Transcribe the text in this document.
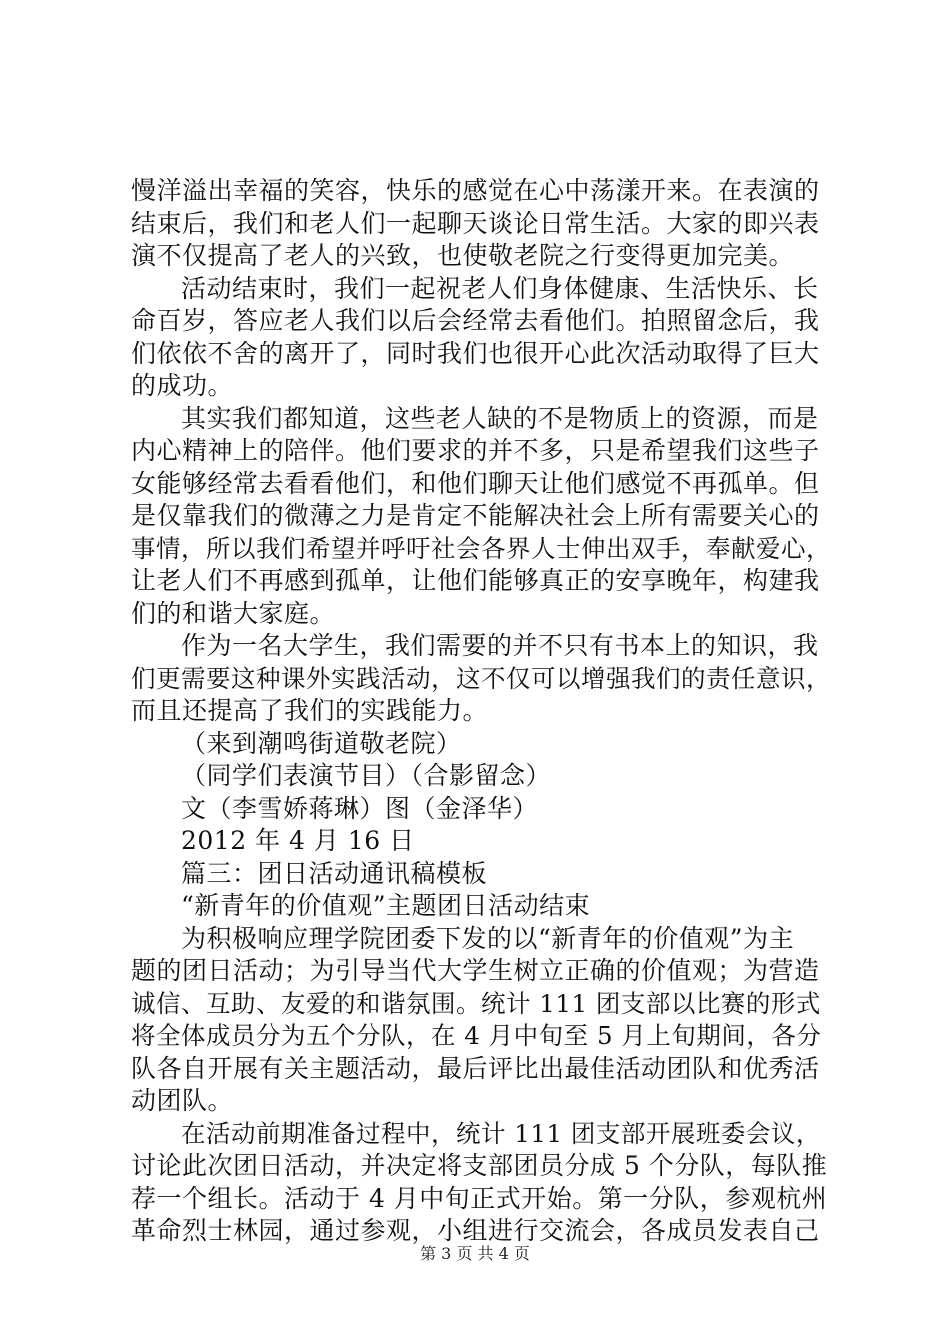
慢洋溢出幸福的笑容，快乐的感觉在心中荡漾开来。在表演的
结束后，我们和老人们一起聊天谈论日常生活。大家的即兴表
演不仅提高了老人的兴致，也使敬老院之行变得更加完美。
活动结束时，我们一起祝老人们身体健康、生活快乐、长
命百岁，答应老人我们以后会经常去看他们。拍照留念后，我
们依依不舍的离开了，同时我们也很开心此次活动取得了巨大
的成功。
其实我们都知道，这些老人缺的不是物质上的资源，而是
内心精神上的陪伴。他们要求的并不多，只是希望我们这些子
女能够经常去看看他们，和他们聊天让他们感觉不再孤单。但
是仅靠我们的微薄之力是肯定不能解决社会上所有需要关心的
事情，所以我们希望并呼吁社会各界人士伸出双手，奉献爱心，
让老人们不再感到孤单，让他们能够真正的安享晚年，构建我
们的和谐大家庭。
作为一名大学生，我们需要的并不只有书本上的知识，我
们更需要这种课外实践活动，这不仅可以增强我们的责任意识，
而且还提高了我们的实践能力。
（来到潮鸣街道敬老院）
（同学们表演节目）（合影留念）
文（李雪娇蒋琳）图（金泽华）
2012 年 4 月 16 日
篇三：团日活动通讯稿模板
“新青年的价值观”主题团日活动结束
为积极响应理学院团委下发的以“新青年的价值观”为主
题的团日活动；为引导当代大学生树立正确的价值观；为营造
诚信、互助、友爱的和谐氛围。统计 111 团支部以比赛的形式
将全体成员分为五个分队，在 4 月中旬至 5 月上旬期间，各分
队各自开展有关主题活动，最后评比出最佳活动团队和优秀活
动团队。
在活动前期准备过程中，统计 111 团支部开展班委会议，
讨论此次团日活动，并决定将支部团员分成 5 个分队，每队推
荐一个组长。活动于 4 月中旬正式开始。第一分队，参观杭州
革命烈士林园，通过参观，小组进行交流会，各成员发表自己
第 3 页 共 4 页
